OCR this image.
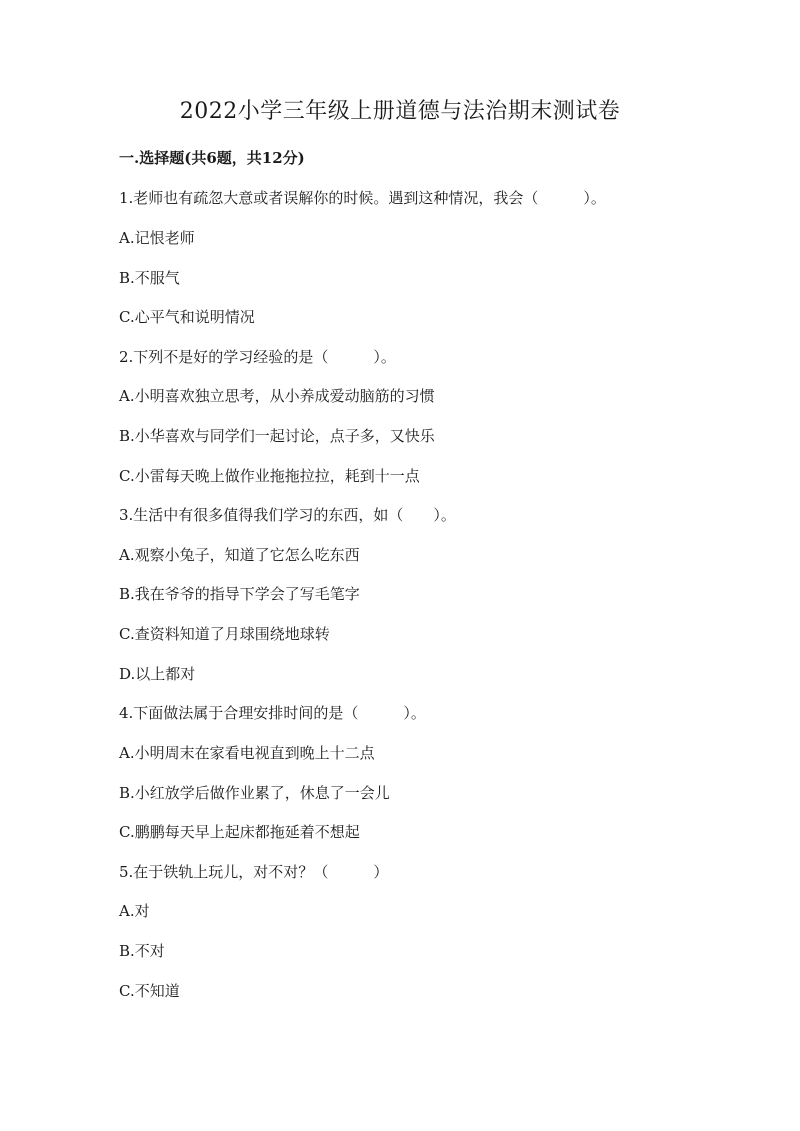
2022小学三年级上册道德与法治期末测试卷
一.选择题(共6题，共12分)
1.老师也有疏忽大意或者误解你的时候。遇到这种情况，我会（　　　）。
A.记恨老师
B.不服气
C.心平气和说明情况
2.下列不是好的学习经验的是（　　　）。
A.小明喜欢独立思考，从小养成爱动脑筋的习惯
B.小华喜欢与同学们一起讨论，点子多，又快乐
C.小雷每天晚上做作业拖拖拉拉，耗到十一点
3.生活中有很多值得我们学习的东西，如（　　）。
A.观察小兔子，知道了它怎么吃东西
B.我在爷爷的指导下学会了写毛笔字
C.查资料知道了月球围绕地球转
D.以上都对
4.下面做法属于合理安排时间的是（　　　）。
A.小明周末在家看电视直到晚上十二点
B.小红放学后做作业累了，休息了一会儿
C.鹏鹏每天早上起床都拖延着不想起
5.在于铁轨上玩儿，对不对？（　　　）
A.对
B.不对
C.不知道
